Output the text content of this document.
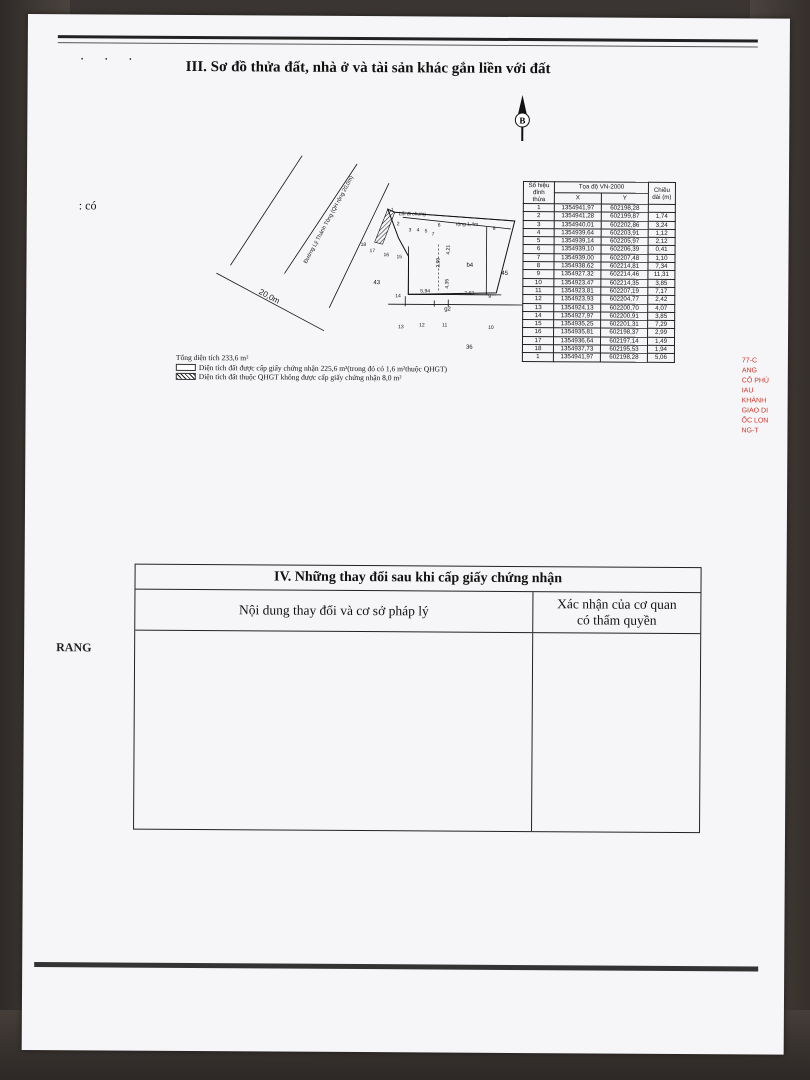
· · ·	III. Sơ đồ thửa đất, nhà ở và tài sản khác gắn liền với đất
: có
RANG
B
Đường Lý Thánh Tông (QH rộng 20,0m)
20,0m
Lối đi chung
rộng 1,4m
43
45
36
b4
g2
1
2
3 4 5
6
7
8
9
10
11
12
13
14
15
16
17
18	4,21
2,99
5,94	7,63
4,35
Tổng diện tích 233,6 m²
Diện tích đất được cấp giấy chứng nhận 225,6 m²(trong đó có 1,6 m²thuộc QHGT)
Diện tích đất thuộc QHGT không được cấp giấy chứng nhận 8,0 m²
Số hiệu đỉnh thửa	Tọa độ VN-2000		Chiều dài (m)
	X	Y	
1	1354941,97	602198,28	
2	1354941,28	602199,87	1,74
3	1354940,01	602202,86	3,24
4	1354939,64	602203,91	1,12
5	1354939,14	602205,97	2,12
6	1354939,10	602206,39	0,41
7	1354939,00	602207,48	1,10
8	1354938,62	602214,81	7,34
9	1354927,32	602214,46	11,31
10	1354923,47	602214,35	3,85
11	1354923,81	602207,19	7,17
12	1354923,93	602204,77	2,42
13	1354924,13	602200,70	4,07
14	1354927,97	602200,91	3,85
15	1354935,25	602201,31	7,29
16	1354935,81	602198,37	2,99
17	1354936,64	602197,14	1,49
18	1354937,73	602195,53	1,94
1	1354941,97	602198,28	5,06	77-C
ANG
CÔ PHÙ
IAU
KHÁNH
GIAO DI
ỐC LON
NG-T
IV. Những thay đổi sau khi cấp giấy chứng nhận
Nội dung thay đổi và cơ sở pháp lý	Xác nhận của cơ quan có thẩm quyền
